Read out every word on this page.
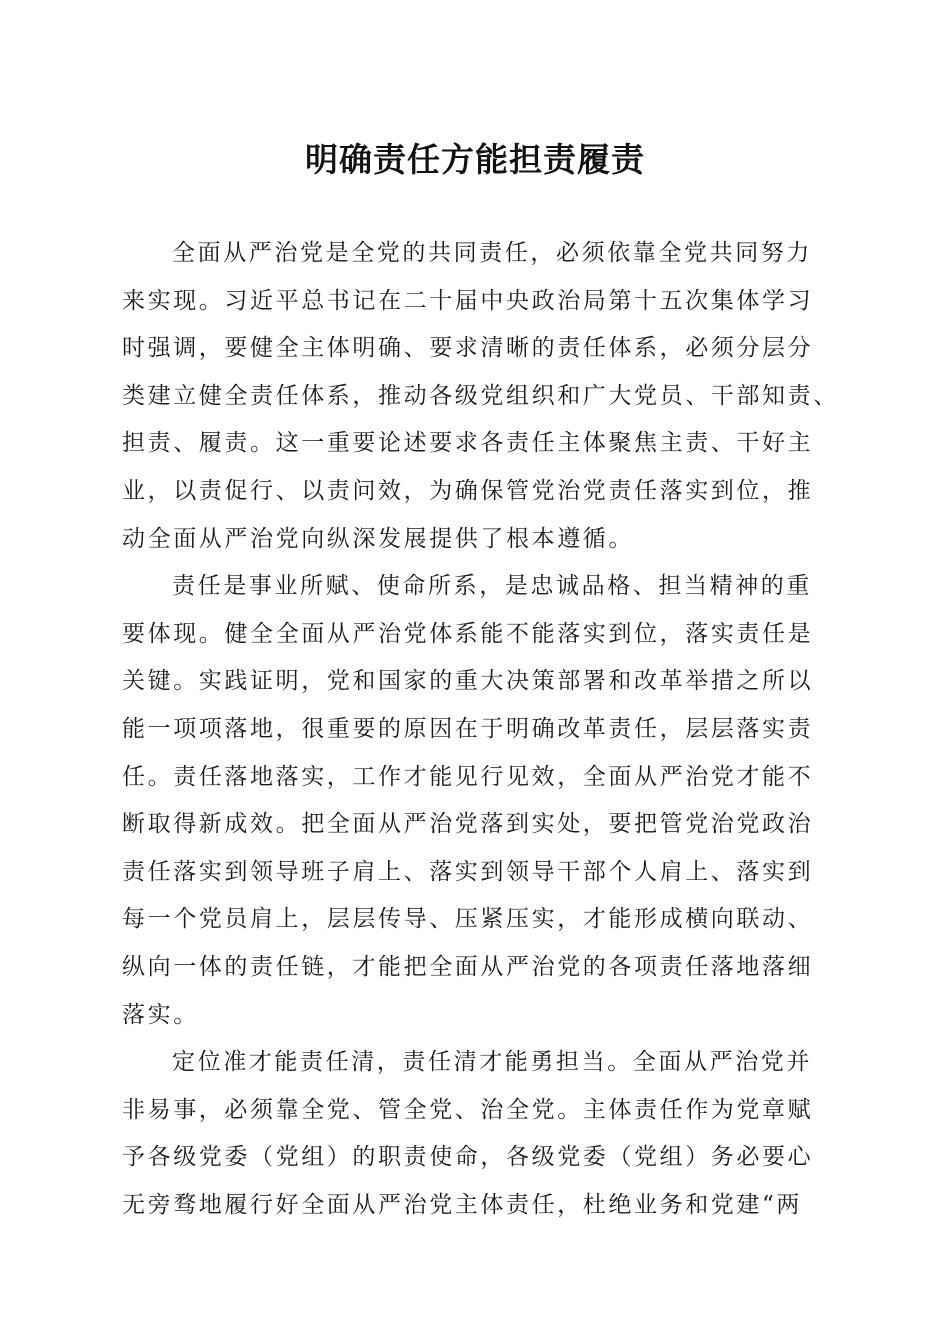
明确责任方能担责履责
全面从严治党是全党的共同责任，必须依靠全党共同努力
来实现。习近平总书记在二十届中央政治局第十五次集体学习
时强调，要健全主体明确、要求清晰的责任体系，必须分层分
类建立健全责任体系，推动各级党组织和广大党员、干部知责、
担责、履责。这一重要论述要求各责任主体聚焦主责、干好主
业，以责促行、以责问效，为确保管党治党责任落实到位，推
动全面从严治党向纵深发展提供了根本遵循。
责任是事业所赋、使命所系，是忠诚品格、担当精神的重
要体现。健全全面从严治党体系能不能落实到位，落实责任是
关键。实践证明，党和国家的重大决策部署和改革举措之所以
能一项项落地，很重要的原因在于明确改革责任，层层落实责
任。责任落地落实，工作才能见行见效，全面从严治党才能不
断取得新成效。把全面从严治党落到实处，要把管党治党政治
责任落实到领导班子肩上、落实到领导干部个人肩上、落实到
每一个党员肩上，层层传导、压紧压实，才能形成横向联动、
纵向一体的责任链，才能把全面从严治党的各项责任落地落细
落实。
定位准才能责任清，责任清才能勇担当。全面从严治党并
非易事，必须靠全党、管全党、治全党。主体责任作为党章赋
予各级党委（党组）的职责使命，各级党委（党组）务必要心
无旁骛地履行好全面从严治党主体责任，杜绝业务和党建“两
